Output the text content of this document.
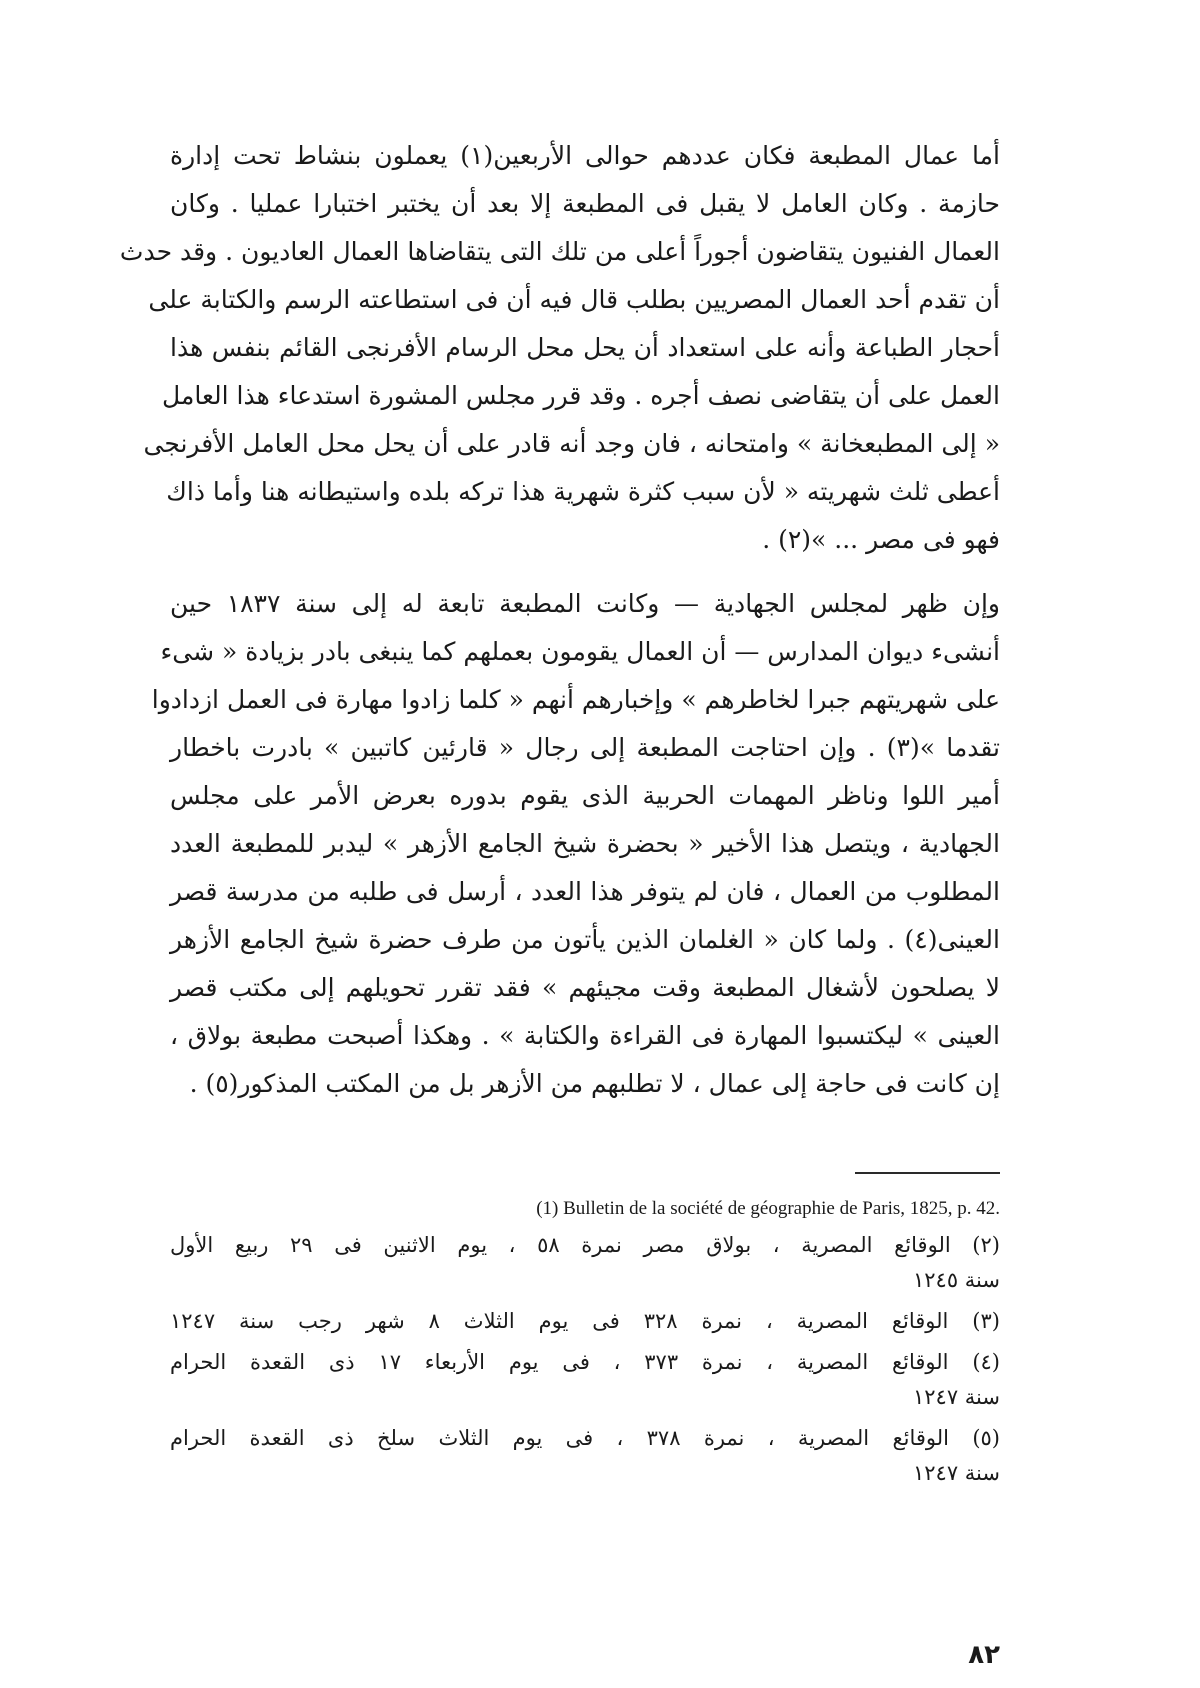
أما عمال المطبعة فكان عددهم حوالى الأربعين(١) يعملون بنشاط تحت إدارة
حازمة . وكان العامل لا يقبل فى المطبعة إلا بعد أن يختبر اختبارا عمليا . وكان
العمال الفنيون يتقاضون أجوراً أعلى من تلك التى يتقاضاها العمال العاديون . وقد حدث
أن تقدم أحد العمال المصريين بطلب قال فيه أن فى استطاعته الرسم والكتابة على
أحجار الطباعة وأنه على استعداد أن يحل محل الرسام الأفرنجى القائم بنفس هذا
العمل على أن يتقاضى نصف أجره . وقد قرر مجلس المشورة استدعاء هذا العامل
« إلى المطبعخانة » وامتحانه ، فان وجد أنه قادر على أن يحل محل العامل الأفرنجى
أعطى ثلث شهريته « لأن سبب كثرة شهرية هذا تركه بلده واستيطانه هنا وأما ذاك
فهو فى مصر ... »(٢) .
وإن ظهر لمجلس الجهادية — وكانت المطبعة تابعة له إلى سنة ١٨٣٧ حين
أنشىء ديوان المدارس — أن العمال يقومون بعملهم كما ينبغى بادر بزيادة « شىء
على شهريتهم جبرا لخاطرهم » وإخبارهم أنهم « كلما زادوا مهارة فى العمل ازدادوا
تقدما »(٣) . وإن احتاجت المطبعة إلى رجال « قارئين كاتبين » بادرت باخطار
أمير اللوا وناظر المهمات الحربية الذى يقوم بدوره بعرض الأمر على مجلس
الجهادية ، ويتصل هذا الأخير « بحضرة شيخ الجامع الأزهر » ليدبر للمطبعة العدد
المطلوب من العمال ، فان لم يتوفر هذا العدد ، أرسل فى طلبه من مدرسة قصر
العينى(٤) . ولما كان « الغلمان الذين يأتون من طرف حضرة شيخ الجامع الأزهر
لا يصلحون لأشغال المطبعة وقت مجيئهم » فقد تقرر تحويلهم إلى مكتب قصر
العينى » ليكتسبوا المهارة فى القراءة والكتابة » . وهكذا أصبحت مطبعة بولاق ،
إن كانت فى حاجة إلى عمال ، لا تطلبهم من الأزهر بل من المكتب المذكور(٥) .
(1) Bulletin de la société de géographie de Paris, 1825, p. 42.
(٢) الوقائع المصرية ، بولاق مصر نمرة ٥٨ ، يوم الاثنين فى ٢٩ ربيع الأول
سنة ١٢٤٥
(٣) الوقائع المصرية ، نمرة ٣٢٨ فى يوم الثلاث ٨ شهر رجب سنة ١٢٤٧
(٤) الوقائع المصرية ، نمرة ٣٧٣ ، فى يوم الأربعاء ١٧ ذى القعدة الحرام
سنة ١٢٤٧
(٥) الوقائع المصرية ، نمرة ٣٧٨ ، فى يوم الثلاث سلخ ذى القعدة الحرام
سنة ١٢٤٧
٨٢
